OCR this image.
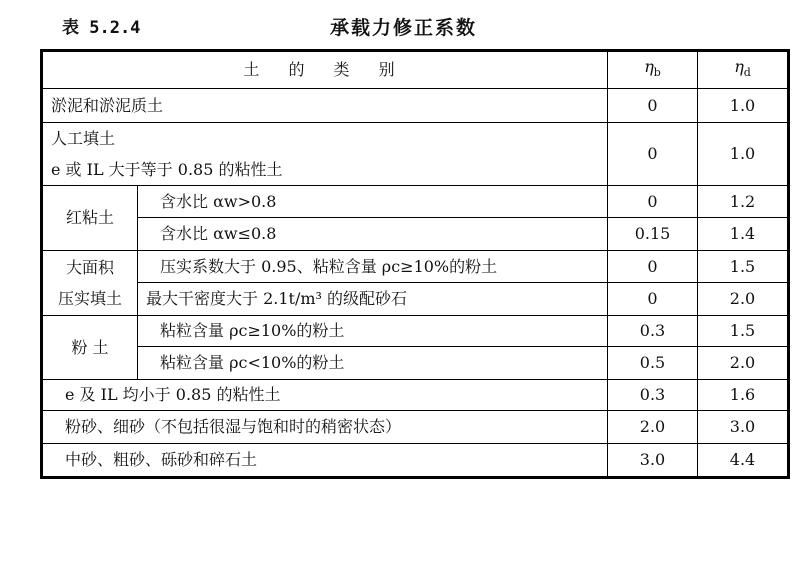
表 5.2.4	承载力修正系数
土 的 类 别		$\eta_b$	$\eta_d$
淤泥和淤泥质土		0	1.0

人工填土
e 或 IL 大于等于 0.85 的粘性土		0	1.0
红粘土	含水比 αw>0.8	0	1.2
	含水比 αw≤0.8	0.15	1.4

大面积
压实填土	压实系数大于 0.95、粘粒含量 ρc≥10%的粉土	0	1.5
	最大干密度大于 2.1t/m³ 的级配砂石	0	2.0
粉 土	粘粒含量 ρc≥10%的粉土	0.3	1.5
	粘粒含量 ρc<10%的粉土	0.5	2.0
e 及 IL 均小于 0.85 的粘性土		0.3	1.6
粉砂、细砂（不包括很湿与饱和时的稍密状态）		2.0	3.0
中砂、粗砂、砾砂和碎石土		3.0	4.4
